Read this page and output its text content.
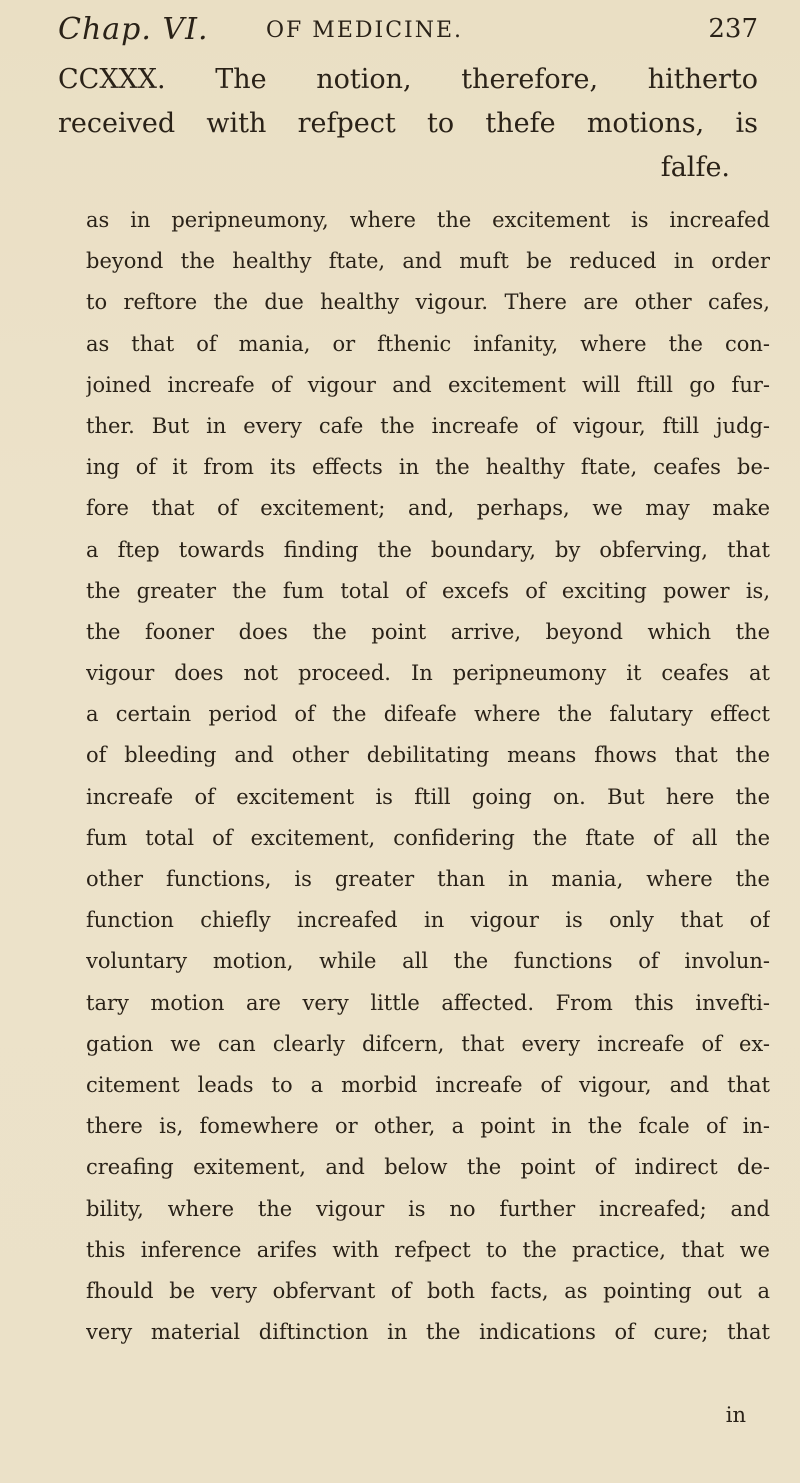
Chap. VI.	OF MEDICINE.	237
CCXXX. The notion, therefore, hitherto
received with refpect to thefe motions, is
falfe.
as in peripneumony, where the excitement is increafed
beyond the healthy ftate, and muft be reduced in order
to reftore the due healthy vigour. There are other cafes,
as that of mania, or fthenic infanity, where the con-
joined increafe of vigour and excitement will ftill go fur-
ther. But in every cafe the increafe of vigour, ftill judg-
ing of it from its effects in the healthy ftate, ceafes be-
fore that of excitement; and, perhaps, we may make
a ftep towards finding the boundary, by obferving, that
the greater the fum total of excefs of exciting power is,
the fooner does the point arrive, beyond which the
vigour does not proceed. In peripneumony it ceafes at
a certain period of the difeafe where the falutary effect
of bleeding and other debilitating means fhows that the
increafe of excitement is ftill going on. But here the
fum total of excitement, confidering the ftate of all the
other functions, is greater than in mania, where the
function chiefly increafed in vigour is only that of
voluntary motion, while all the functions of involun-
tary motion are very little affected. From this invefti-
gation we can clearly difcern, that every increafe of ex-
citement leads to a morbid increafe of vigour, and that
there is, fomewhere or other, a point in the fcale of in-
creafing exitement, and below the point of indirect de-
bility, where the vigour is no further increafed; and
this inference arifes with refpect to the practice, that we
fhould be very obfervant of both facts, as pointing out a
very material diftinction in the indications of cure; that
in
